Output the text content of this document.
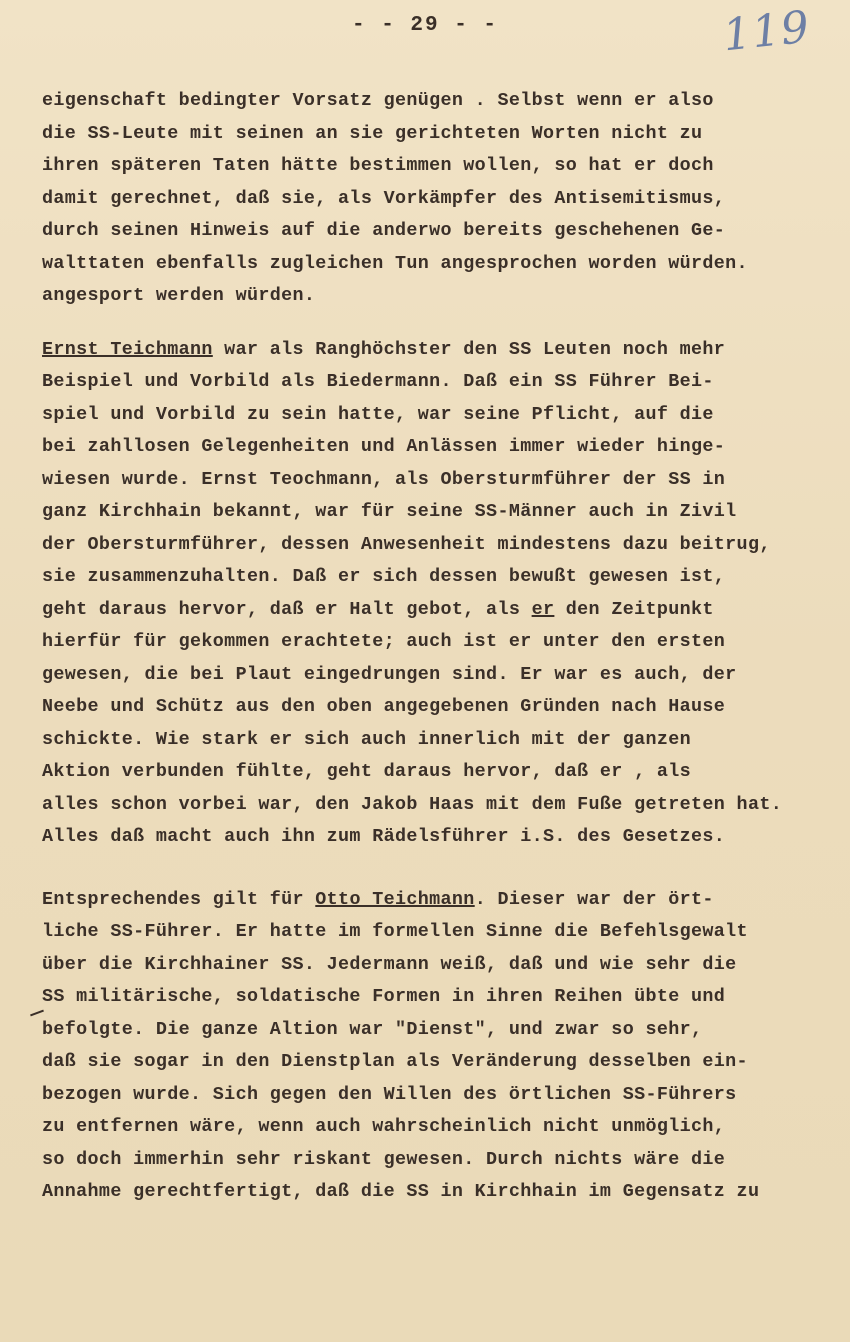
- - 29 - -	119
eigenschaft bedingter Vorsatz genügen . Selbst wenn er also
die SS-Leute mit seinen an sie gerichteten Worten nicht zu
ihren späteren Taten hätte bestimmen wollen, so hat er doch
damit gerechnet, daß sie, als Vorkämpfer des Antisemitismus,
durch seinen Hinweis auf die anderwo bereits geschehenen Ge-
walttaten ebenfalls zugleichen Tun angesprochen worden würden.
angesport werden würden.
Ernst Teichmann war als Ranghöchster den SS Leuten noch mehr
Beispiel und Vorbild als Biedermann. Daß ein SS Führer Bei-
spiel und Vorbild zu sein hatte, war seine Pflicht, auf die
bei zahllosen Gelegenheiten und Anlässen immer wieder hinge-
wiesen wurde. Ernst Teochmann, als Obersturmführer der SS in
ganz Kirchhain bekannt, war für seine SS-Männer auch in Zivil
der Obersturmführer, dessen Anwesenheit mindestens dazu beitrug,
sie zusammenzuhalten. Daß er sich dessen bewußt gewesen ist,
geht daraus hervor, daß er Halt gebot, als er den Zeitpunkt
hierfür für gekommen erachtete; auch ist er unter den ersten
gewesen, die bei Plaut eingedrungen sind. Er war es auch, der
Neebe und Schütz aus den oben angegebenen Gründen nach Hause
schickte. Wie stark er sich auch innerlich mit der ganzen
Aktion verbunden fühlte, geht daraus hervor, daß er , als
alles schon vorbei war, den Jakob Haas mit dem Fuße getreten hat.
Alles daß macht auch ihn zum Rädelsführer i.S. des Gesetzes.
Entsprechendes gilt für Otto Teichmann. Dieser war der ört-
liche SS-Führer. Er hatte im formellen Sinne die Befehlsgewalt
über die Kirchhainer SS. Jedermann weiß, daß und wie sehr die
SS militärische, soldatische Formen in ihren Reihen übte und
befolgte. Die ganze Altion war "Dienst", und zwar so sehr,
daß sie sogar in den Dienstplan als Veränderung desselben ein-
bezogen wurde. Sich gegen den Willen des örtlichen SS-Führers
zu entfernen wäre, wenn auch wahrscheinlich nicht unmöglich,
so doch immerhin sehr riskant gewesen. Durch nichts wäre die
Annahme gerechtfertigt, daß die SS in Kirchhain im Gegensatz zu
